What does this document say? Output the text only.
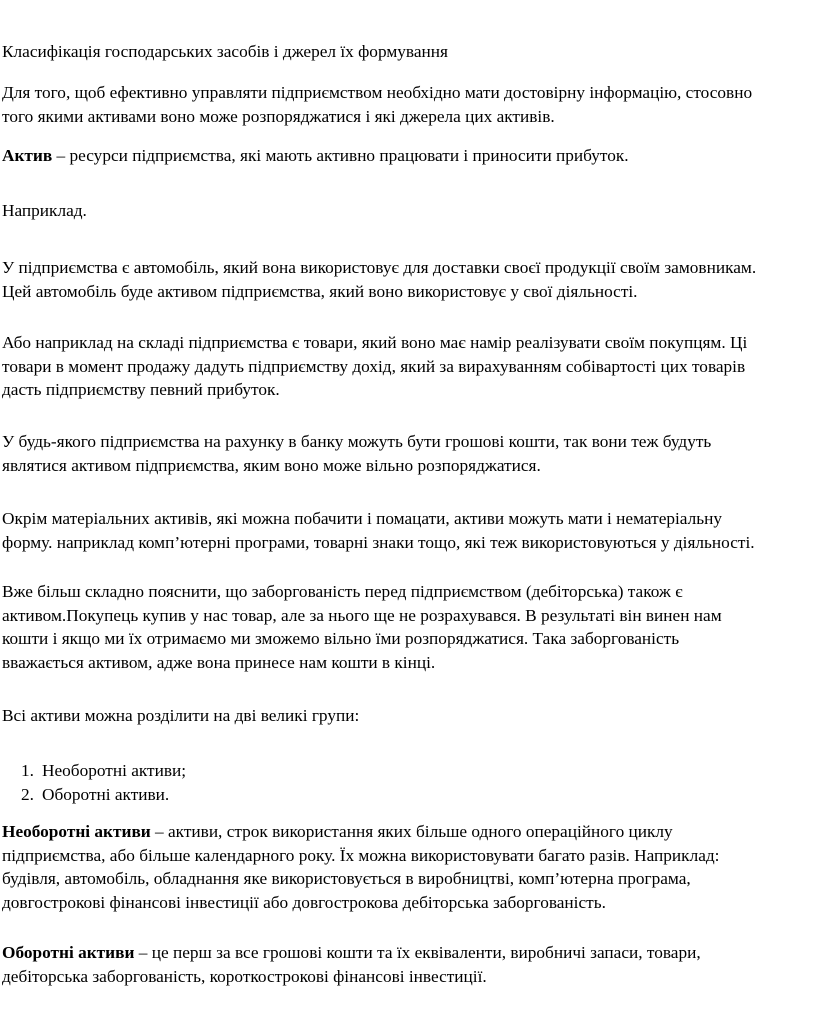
Класифікація господарських засобів і джерел їх формування

Для того, щоб ефективно управляти підприємством необхідно мати достовірну інформацію, стосовно
того якими активами воно може розпоряджатися і які джерела цих активів.

Актив – ресурси підприємства, які мають активно працювати і приносити прибуток.

Наприклад.

У підприємства є автомобіль, який вона використовує для доставки своєї продукції своїм замовникам.
Цей автомобіль буде активом підприємства, який воно використовує у свої діяльності.

Або наприклад на складі підприємства є товари, який воно має намір реалізувати своїм покупцям. Ці
товари в момент продажу дадуть підприємству дохід, який за вирахуванням собівартості цих товарів
дасть підприємству певний прибуток.

У будь-якого підприємства на рахунку в банку можуть бути грошові кошти, так вони теж будуть
являтися активом підприємства, яким воно може вільно розпоряджатися.

Окрім матеріальних активів, які можна побачити і помацати, активи можуть мати і нематеріальну
форму. наприклад комп’ютерні програми, товарні знаки тощо, які теж використовуються у діяльності.

Вже більш складно пояснити, що заборгованість перед підприємством (дебіторська) також є
активом.Покупець купив у нас товар, але за нього ще не розрахувався. В результаті він винен нам
кошти і якщо ми їх отримаємо ми зможемо вільно їми розпоряджатися. Така заборгованість
вважається активом, адже вона принесе нам кошти в кінці.

Всі активи можна розділити на дві великі групи:

1. Необоротні активи;
2. Оборотні активи.

Необоротні активи – активи, строк використання яких більше одного операційного циклу
підприємства, або більше календарного року. Їх можна використовувати багато разів. Наприклад:
будівля, автомобіль, обладнання яке використовується в виробництві, комп’ютерна програма,
довгострокові фінансові інвестиції або довгострокова дебіторська заборгованість.

Оборотні активи – це перш за все грошові кошти та їх еквіваленти, виробничі запаси, товари,
дебіторська заборгованість, короткострокові фінансові інвестиції.
